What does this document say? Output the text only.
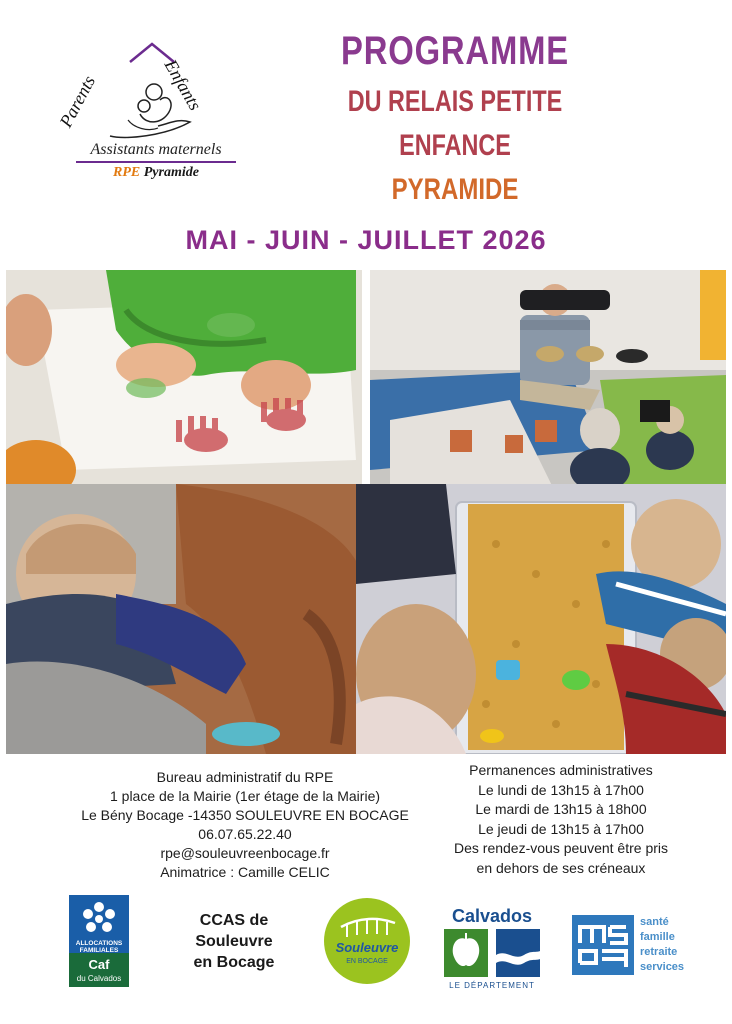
Parents	Enfants
Assistants maternels
RPE Pyramide
PROGRAMME
DU RELAIS PETITE ENFANCE
PYRAMIDE
MAI - JUIN - JUILLET 2026
Bureau administratif du RPE
1 place de la Mairie (1er étage de la Mairie)
Le Bény Bocage -14350 SOULEUVRE EN BOCAGE
06.07.65.22.40
rpe@souleuvreenbocage.fr
Animatrice : Camille CELIC
Permanences administratives
Le lundi de 13h15 à 17h00
Le mardi de 13h15 à 18h00
Le jeudi de 13h15 à 17h00
Des rendez-vous peuvent être pris
en dehors de ses créneaux
ALLOCATIONS
FAMILIALES
Caf
du Calvados
CCAS de
Souleuvre
en Bocage
Souleuvre
EN BOCAGE
Calvados
LE DÉPARTEMENT
santé
famille
retraite
services
